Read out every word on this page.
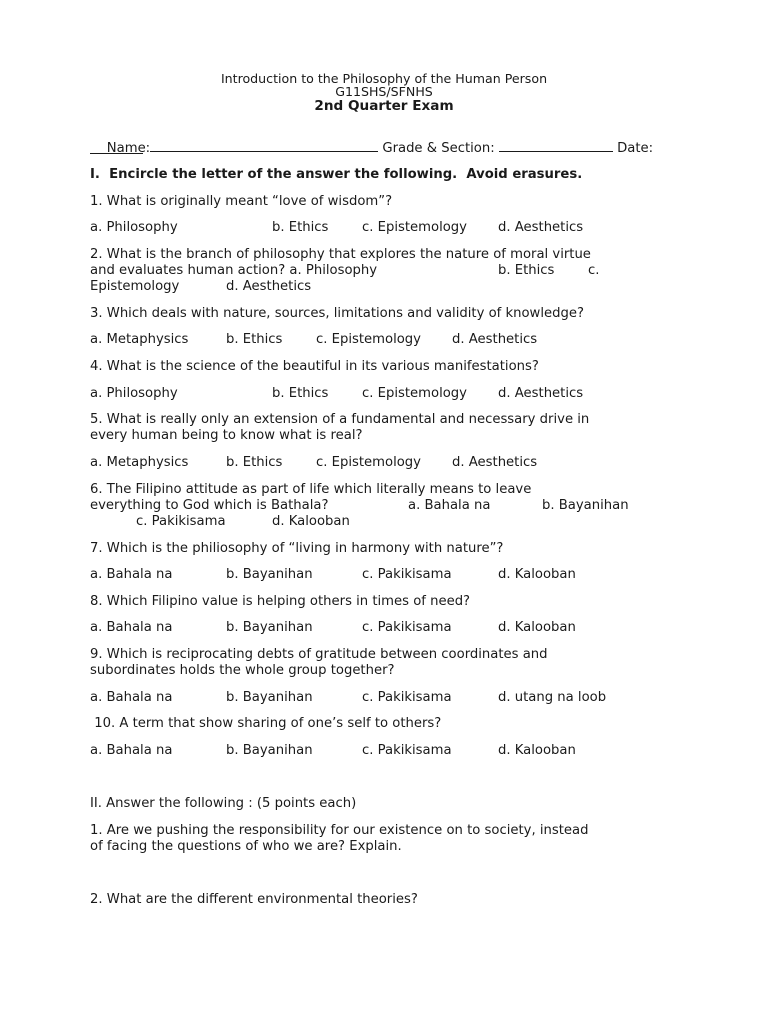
Introduction to the Philosophy of the Human Person
G11SHS/SFNHS
2nd Quarter Exam

Name:	Grade & Section:	Date:

I.  Encircle the letter of the answer the following.  Avoid erasures.
1. What is originally meant “love of wisdom”?
a. Philosophy	b. Ethics	c. Epistemology d. Aesthetics
2. What is the branch of philosophy that explores the nature of moral virtue
and evaluates human action? a. Philosophy	b. Ethics	c.
Epistemology	d. Aesthetics
3. Which deals with nature, sources, limitations and validity of knowledge?
a. Metaphysics	b. Ethics	c. Epistemology d. Aesthetics
4. What is the science of the beautiful in its various manifestations?
a. Philosophy	b. Ethics	c. Epistemology d. Aesthetics
5. What is really only an extension of a fundamental and necessary drive in
every human being to know what is real?
a. Metaphysics	b. Ethics	c. Epistemology d. Aesthetics
6. The Filipino attitude as part of life which literally means to leave
everything to God which is Bathala?	a. Bahala na	b. Bayanihan
c. Pakikisama	d. Kalooban
7. Which is the philiosophy of “living in harmony with nature”?
a. Bahala na	b. Bayanihan	c. Pakikisama	d. Kalooban
8. Which Filipino value is helping others in times of need?
a. Bahala na	b. Bayanihan	c. Pakikisama	d. Kalooban
9. Which is reciprocating debts of gratitude between coordinates and
subordinates holds the whole group together?
a. Bahala na	b. Bayanihan	c. Pakikisama	d. utang na loob
10. A term that show sharing of one’s self to others?
a. Bahala na	b. Bayanihan	c. Pakikisama	d. Kalooban
II. Answer the following : (5 points each)
1. Are we pushing the responsibility for our existence on to society, instead
of facing the questions of who we are? Explain.
2. What are the different environmental theories?
